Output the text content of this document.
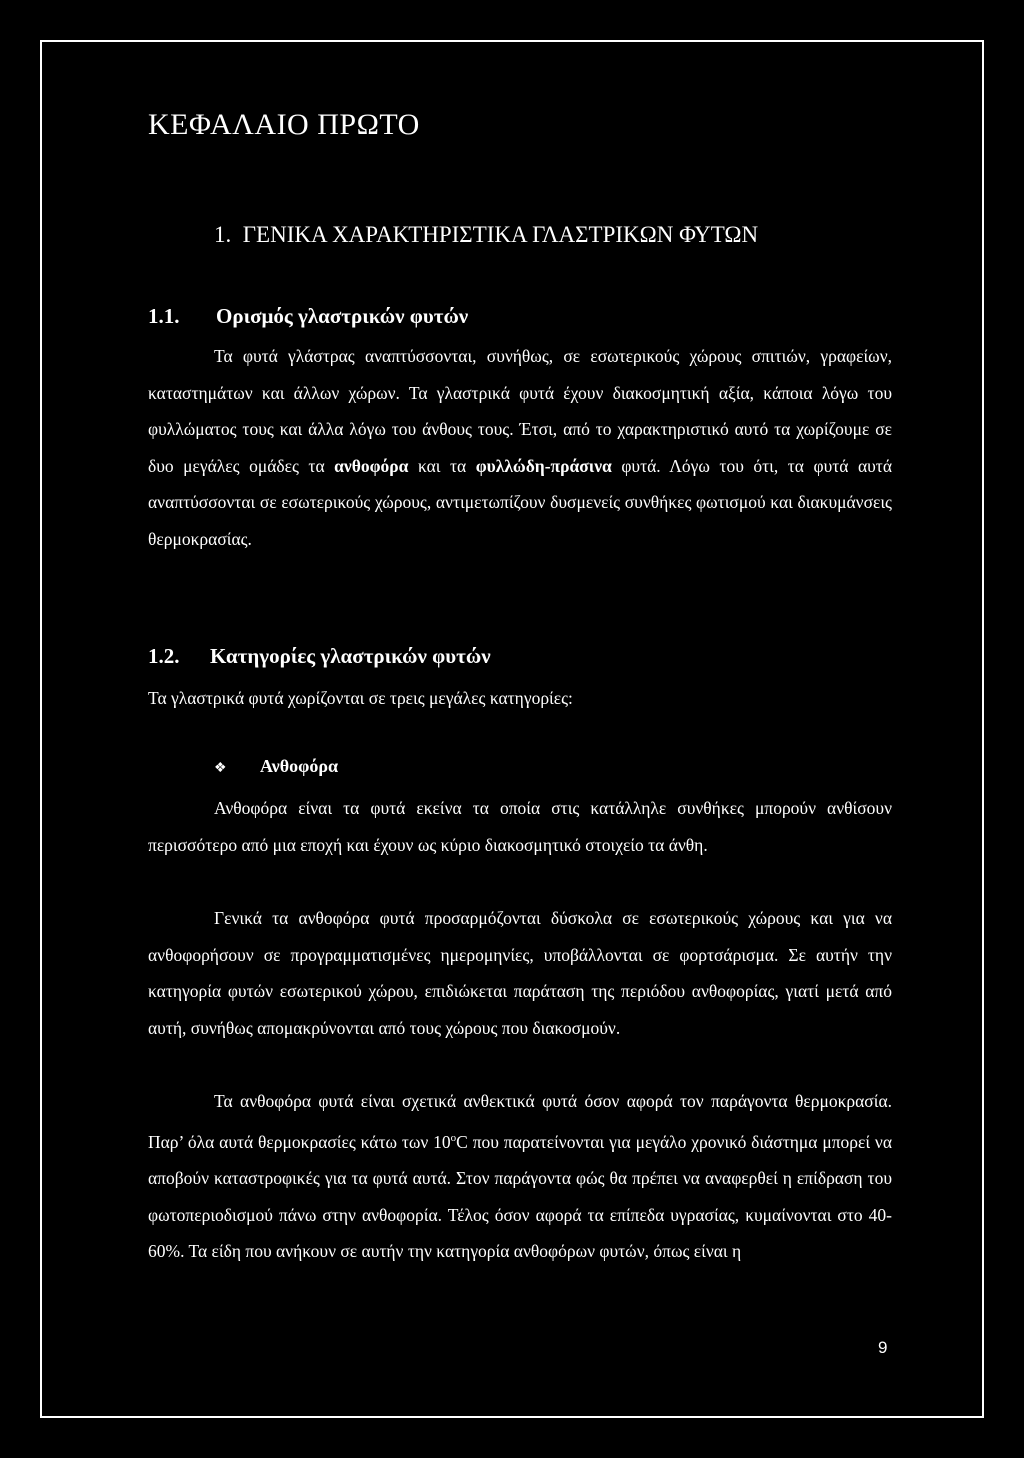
ΚΕΦΑΛΑΙΟ ΠΡΩΤΟ
1. ΓΕΝΙΚΑ ΧΑΡΑΚΤΗΡΙΣΤΙΚΑ ΓΛΑΣΤΡΙΚΩΝ ΦΥΤΩΝ
1.1. Ορισμός γλαστρικών φυτών

Τα φυτά γλάστρας αναπτύσσονται, συνήθως, σε εσωτερικούς χώρους σπιτιών, γραφείων, καταστημάτων και άλλων χώρων. Τα γλαστρικά φυτά έχουν διακοσμητική αξία, κάποια λόγω του φυλλώματος τους και άλλα λόγω του άνθους τους. Έτσι, από το χαρακτηριστικό αυτό τα χωρίζουμε σε δυο μεγάλες ομάδες τα ανθοφόρα και τα φυλλώδη-πράσινα φυτά. Λόγω του ότι, τα φυτά αυτά αναπτύσσονται σε εσωτερικούς χώρους, αντιμετωπίζουν δυσμενείς συνθήκες φωτισμού και διακυμάνσεις θερμοκρασίας.

1.2. Κατηγορίες γλαστρικών φυτών

Τα γλαστρικά φυτά χωρίζονται σε τρεις μεγάλες κατηγορίες:

❖ Ανθοφόρα

Ανθοφόρα είναι τα φυτά εκείνα τα οποία στις κατάλληλε συνθήκες μπορούν ανθίσουν περισσότερο από μια εποχή και έχουν ως κύριο διακοσμητικό στοιχείο τα άνθη.

Γενικά τα ανθοφόρα φυτά προσαρμόζονται δύσκολα σε εσωτερικούς χώρους και για να ανθοφορήσουν σε προγραμματισμένες ημερομηνίες, υποβάλλονται σε φορτσάρισμα. Σε αυτήν την κατηγορία φυτών εσωτερικού χώρου, επιδιώκεται παράταση της περιόδου ανθοφορίας, γιατί μετά από αυτή, συνήθως απομακρύνονται από τους χώρους που διακοσμούν.

Τα ανθοφόρα φυτά είναι σχετικά ανθεκτικά φυτά όσον αφορά τον παράγοντα θερμοκρασία. Παρ’ όλα αυτά θερμοκρασίες κάτω των 10$^o$C που παρατείνονται για μεγάλο χρονικό διάστημα μπορεί να αποβούν καταστροφικές για τα φυτά αυτά. Στον παράγοντα φώς θα πρέπει να αναφερθεί η επίδραση του φωτοπεριοδισμού πάνω στην ανθοφορία. Τέλος όσον αφορά τα επίπεδα υγρασίας, κυμαίνονται στο 40-60%. Τα είδη που ανήκουν σε αυτήν την κατηγορία ανθοφόρων φυτών, όπως είναι η

9
